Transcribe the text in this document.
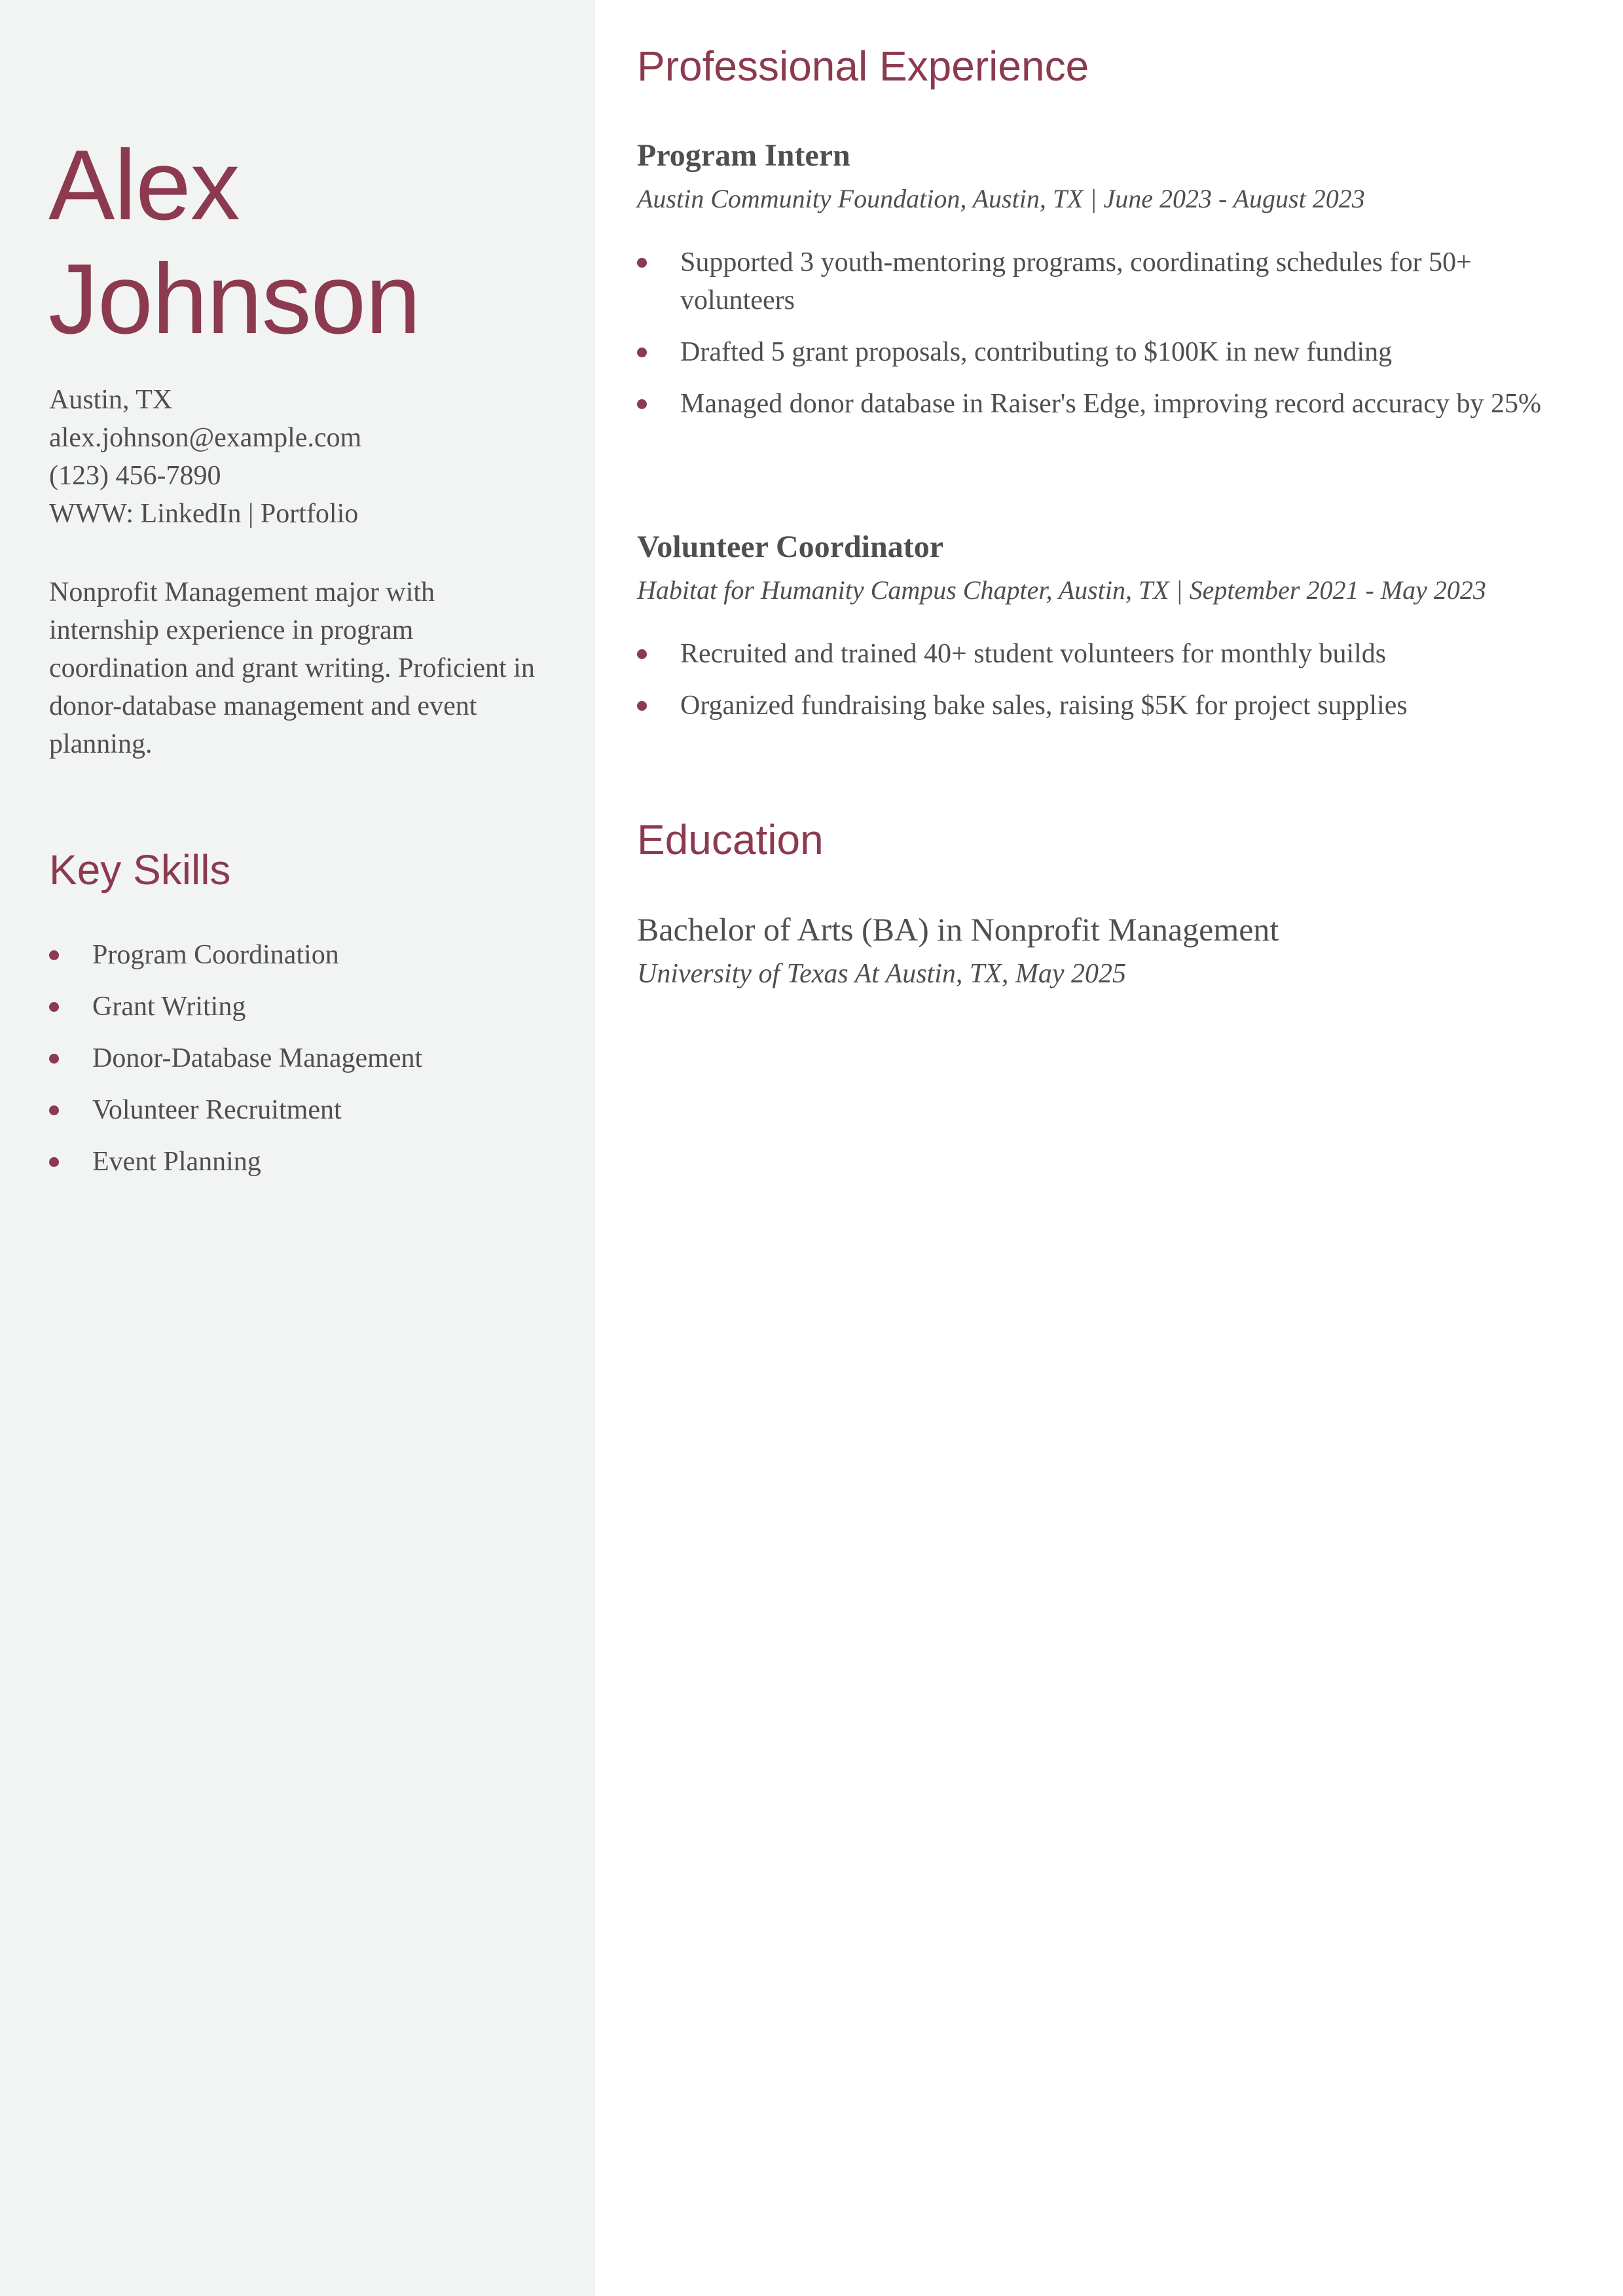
Alex
Johnson
Austin, TX
alex.johnson@example.com
(123) 456-7890
WWW: LinkedIn | Portfolio

Nonprofit Management major with internship experience in program coordination and grant writing. Proficient in donor-database management and event planning.

Key Skills
Program Coordination
Grant Writing
Donor-Database Management
Volunteer Recruitment
Event Planning
Professional Experience
Program Intern

Austin Community Foundation, Austin, TX | June 2023 - August 2023

Supported 3 youth-mentoring programs, coordinating schedules for 50+ volunteers
Drafted 5 grant proposals, contributing to $100K in new funding
Managed donor database in Raiser's Edge, improving record accuracy by 25%
Volunteer Coordinator

Habitat for Humanity Campus Chapter, Austin, TX | September 2021 - May 2023

Recruited and trained 40+ student volunteers for monthly builds
Organized fundraising bake sales, raising $5K for project supplies
Education
Bachelor of Arts (BA) in Nonprofit Management

University of Texas At Austin, TX, May 2025
